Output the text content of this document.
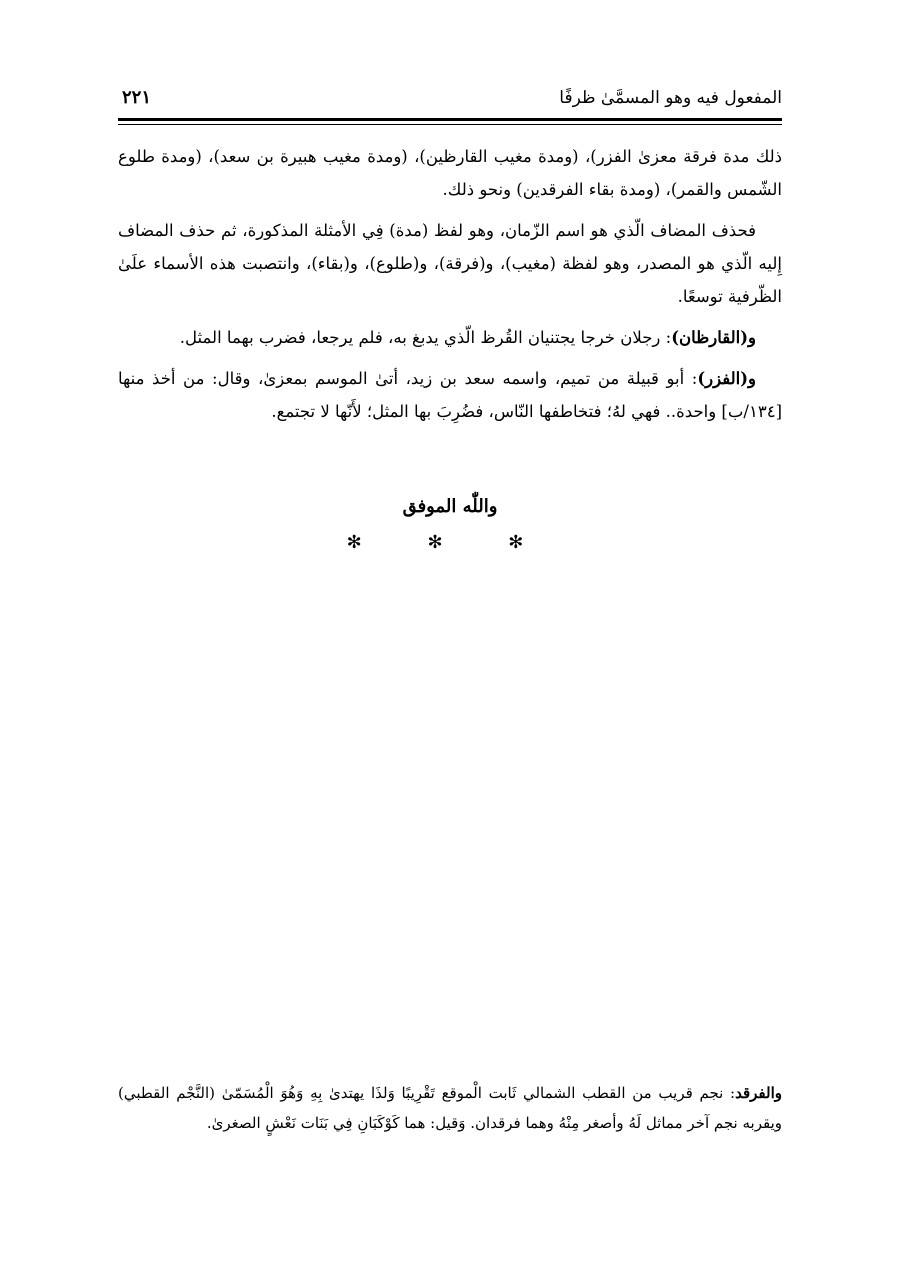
المفعول فيه وهو المسمَّىٰ ظرفًا
٢٢١

ذلك مدة فرقة معزىٰ الفزر)، (ومدة مغيب القارظين)، (ومدة مغيب هبيرة بن سعد)، (ومدة طلوع الشّمس والقمر)، (ومدة بقاء الفرقدين) ونحو ذلك.

فحذف المضاف الّذي هو اسم الزّمان، وهو لفظ (مدة) فِي الأمثلة المذكورة، ثم حذف المضاف إِليه الّذي هو المصدر، وهو لفظة (مغيب)، و(فرقة)، و(طلوع)، و(بقاء)، وانتصبت هذه الأسماء علَىٰ الظّرفية توسعًا.

و(القارظان): رجلان خرجا يجتنيان القُرظ الّذي يدبغ به، فلم يرجعا، فضرب بهما المثل.

و(الفزر): أبو قبيلة من تميم، واسمه سعد بن زيد، أتىٰ الموسم بمعزىٰ، وقال: من أخذ منها [١٣٤/ب] واحدة.. فهي لهُ؛ فتخاطفها النّاس، فضُرِبَ بها المثل؛ لأَنّها لا تجتمع.

واللّٰه الموفق
✻ ✻ ✻

والفرقد: نجم قريب من القطب الشمالي ثَابت الْموقع تَقْرِيبًا وَلذَا يهتدىٰ بِهِ وَهُوَ الْمُسَمّىٰ (النَّجْم القطبي) ويقربه نجم آخر مماثل لَهُ وأصغر مِنْهُ وهما فرقدان. وَقيل: هما كَوْكَبَانِ فِي بَنَات نَعْشٍ الصغرىٰ.
